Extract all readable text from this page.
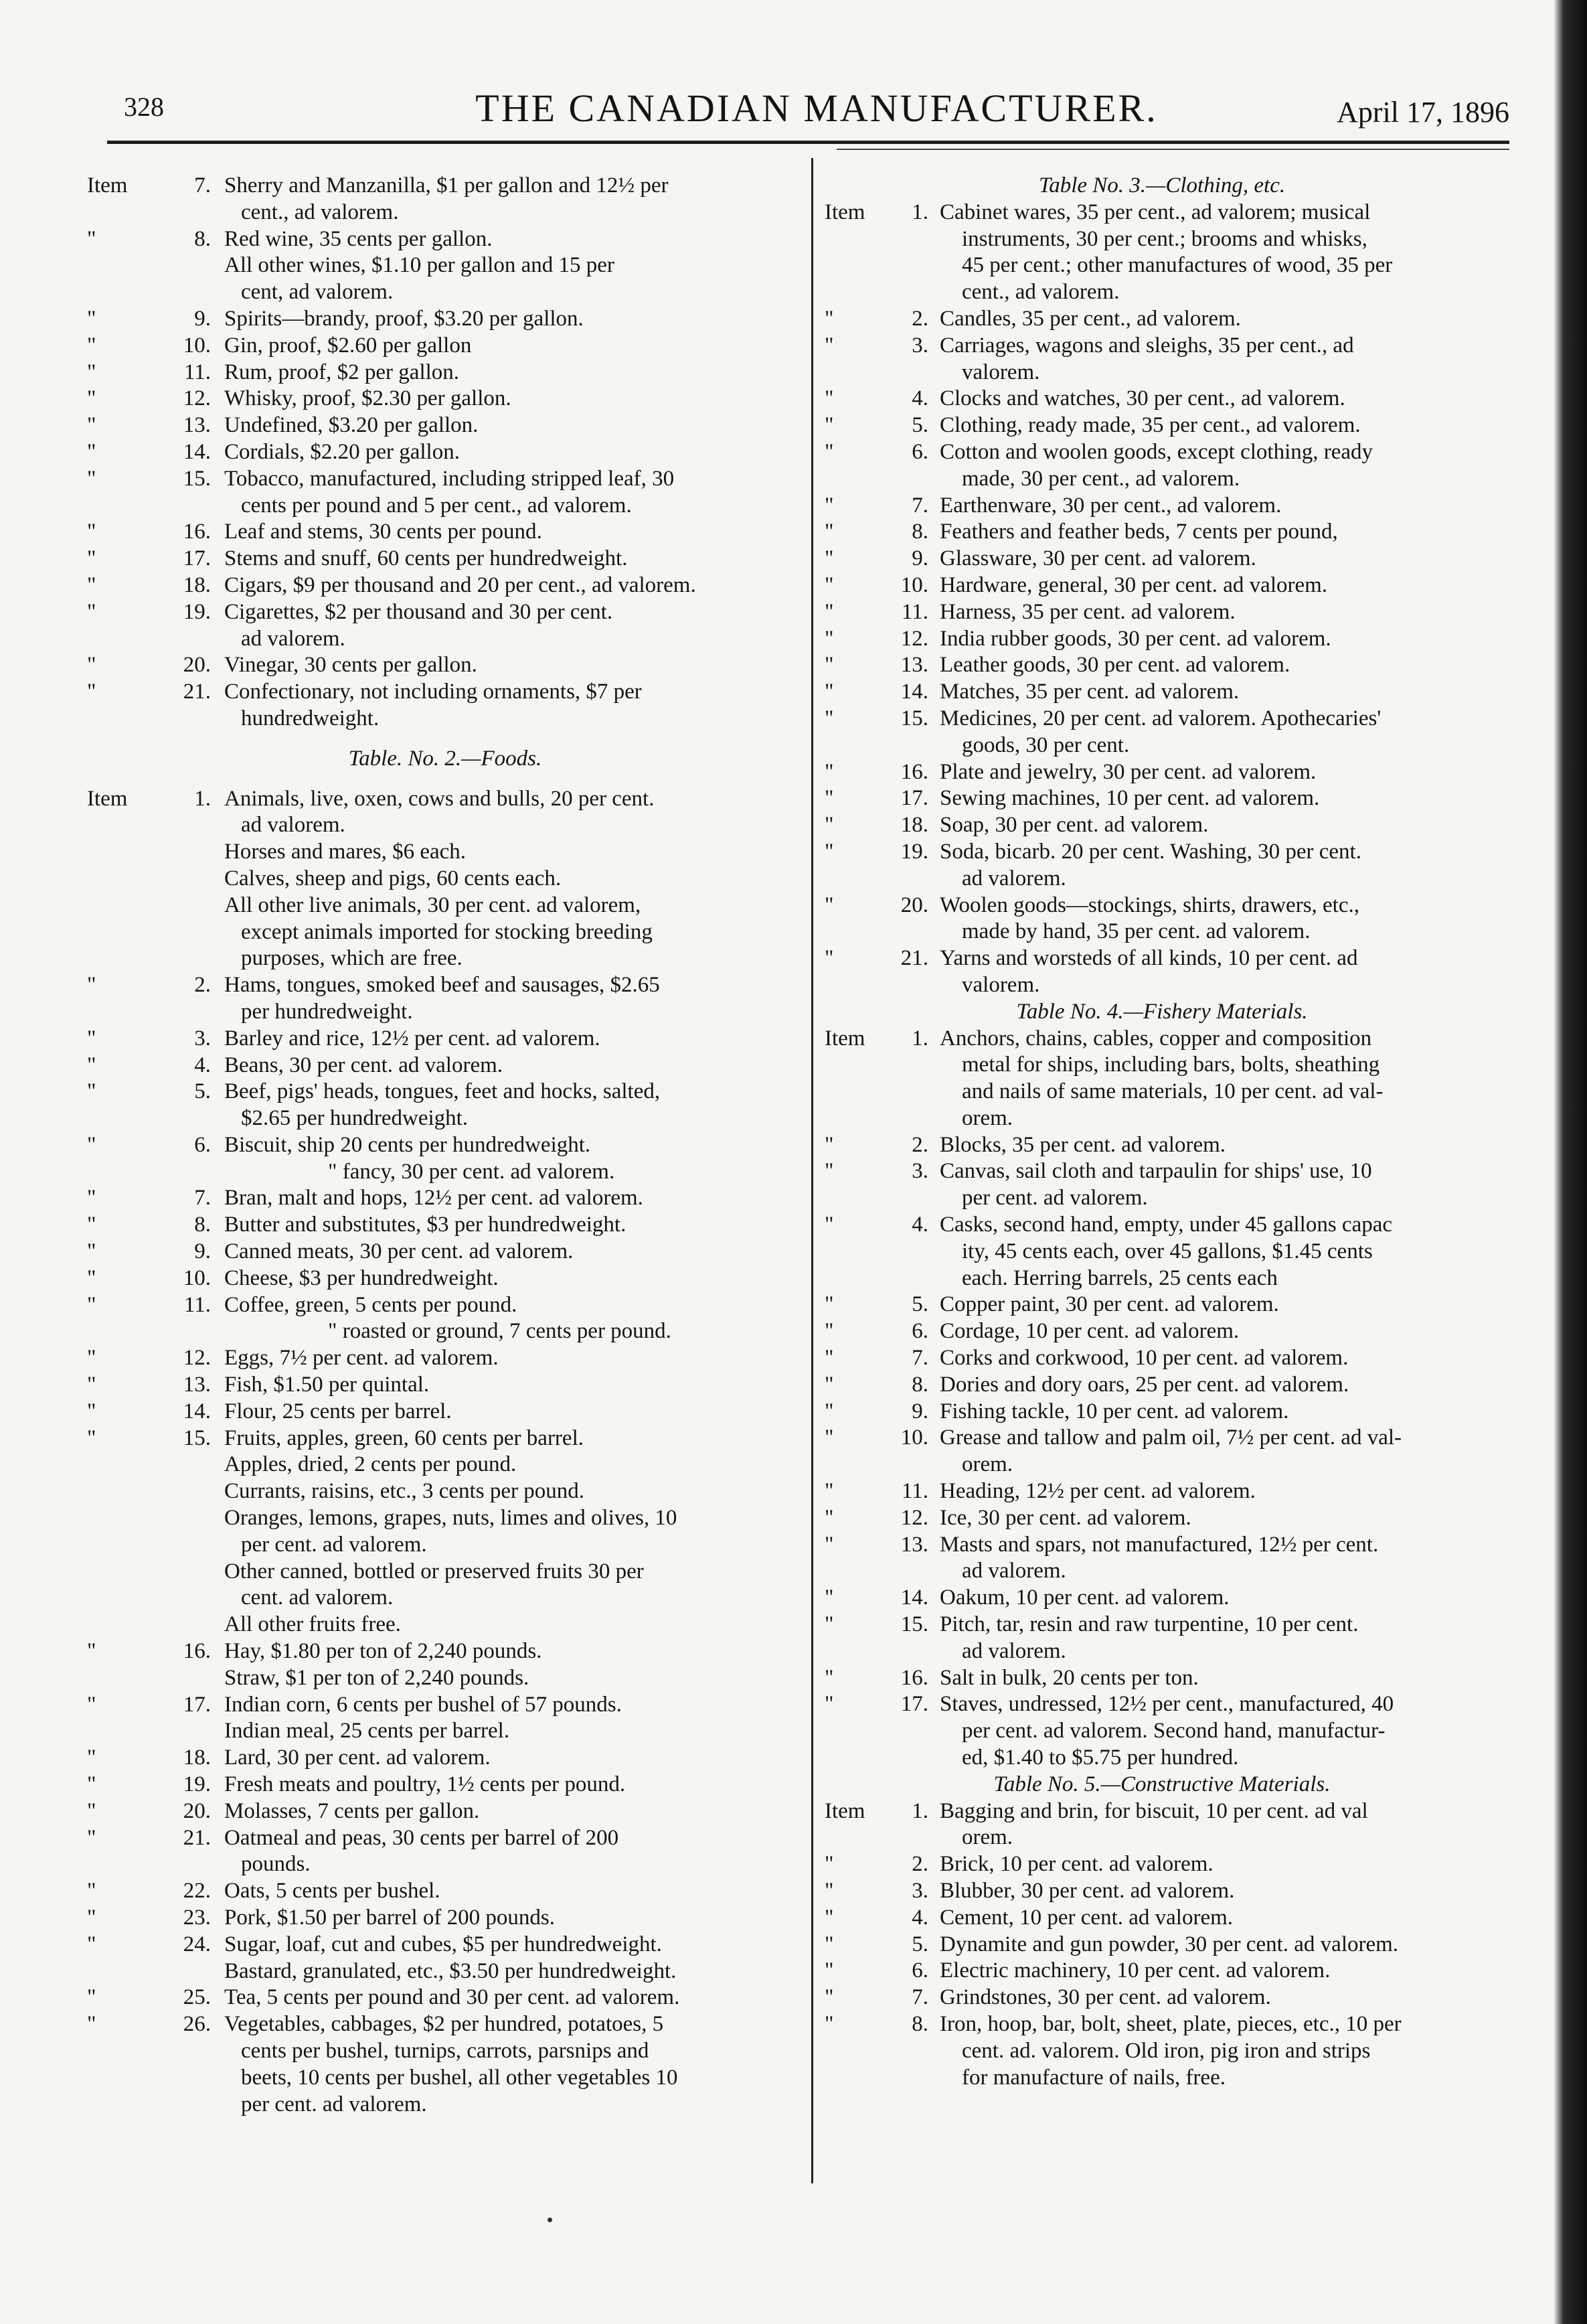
328	THE CANADIAN MANUFACTURER.	April 17, 1896
Item	7. Sherry and Manzanilla, $1 per gallon and 12½ per
cent., ad valorem.
"	8. Red wine, 35 cents per gallon.
All other wines, $1.10 per gallon and 15 per
cent, ad valorem.
"	9. Spirits—brandy, proof, $3.20 per gallon.
"	10. Gin, proof, $2.60 per gallon
"	11. Rum, proof, $2 per gallon.
"	12. Whisky, proof, $2.30 per gallon.
"	13. Undefined, $3.20 per gallon.
"	14. Cordials, $2.20 per gallon.
"	15. Tobacco, manufactured, including stripped leaf, 30
cents per pound and 5 per cent., ad valorem.
"	16. Leaf and stems, 30 cents per pound.
"	17. Stems and snuff, 60 cents per hundredweight.
"	18. Cigars, $9 per thousand and 20 per cent., ad valorem.
"	19. Cigarettes, $2 per thousand and 30 per cent.
ad valorem.
"	20. Vinegar, 30 cents per gallon.
"	21. Confectionary, not including ornaments, $7 per
hundredweight.
Table. No. 2.—Foods.
Item	1. Animals, live, oxen, cows and bulls, 20 per cent.
ad valorem.
Horses and mares, $6 each.
Calves, sheep and pigs, 60 cents each.
All other live animals, 30 per cent. ad valorem,
except animals imported for stocking breeding
purposes, which are free.
"	2. Hams, tongues, smoked beef and sausages, $2.65
per hundredweight.
"	3. Barley and rice, 12½ per cent. ad valorem.
"	4. Beans, 30 per cent. ad valorem.
"	5. Beef, pigs' heads, tongues, feet and hocks, salted,
$2.65 per hundredweight.
"	6. Biscuit, ship 20 cents per hundredweight.
" fancy, 30 per cent. ad valorem.
"	7. Bran, malt and hops, 12½ per cent. ad valorem.
"	8. Butter and substitutes, $3 per hundredweight.
"	9. Canned meats, 30 per cent. ad valorem.
"	10. Cheese, $3 per hundredweight.
"	11. Coffee, green, 5 cents per pound.
" roasted or ground, 7 cents per pound.
"	12. Eggs, 7½ per cent. ad valorem.
"	13. Fish, $1.50 per quintal.
"	14. Flour, 25 cents per barrel.
"	15. Fruits, apples, green, 60 cents per barrel.
Apples, dried, 2 cents per pound.
Currants, raisins, etc., 3 cents per pound.
Oranges, lemons, grapes, nuts, limes and olives, 10
per cent. ad valorem.
Other canned, bottled or preserved fruits 30 per
cent. ad valorem.
All other fruits free.
"	16. Hay, $1.80 per ton of 2,240 pounds.
Straw, $1 per ton of 2,240 pounds.
"	17. Indian corn, 6 cents per bushel of 57 pounds.
Indian meal, 25 cents per barrel.
"	18. Lard, 30 per cent. ad valorem.
"	19. Fresh meats and poultry, 1½ cents per pound.
"	20. Molasses, 7 cents per gallon.
"	21. Oatmeal and peas, 30 cents per barrel of 200
pounds.
"	22. Oats, 5 cents per bushel.
"	23. Pork, $1.50 per barrel of 200 pounds.
"	24. Sugar, loaf, cut and cubes, $5 per hundredweight.
Bastard, granulated, etc., $3.50 per hundredweight.
"	25. Tea, 5 cents per pound and 30 per cent. ad valorem.
"	26. Vegetables, cabbages, $2 per hundred, potatoes, 5
cents per bushel, turnips, carrots, parsnips and
beets, 10 cents per bushel, all other vegetables 10
per cent. ad valorem.
Table No. 3.—Clothing, etc.
Item	1. Cabinet wares, 35 per cent., ad valorem; musical
instruments, 30 per cent.; brooms and whisks,
45 per cent.; other manufactures of wood, 35 per
cent., ad valorem.
"	2. Candles, 35 per cent., ad valorem.
"	3. Carriages, wagons and sleighs, 35 per cent., ad
valorem.
"	4. Clocks and watches, 30 per cent., ad valorem.
"	5. Clothing, ready made, 35 per cent., ad valorem.
"	6. Cotton and woolen goods, except clothing, ready
made, 30 per cent., ad valorem.
"	7. Earthenware, 30 per cent., ad valorem.
"	8. Feathers and feather beds, 7 cents per pound,
"	9. Glassware, 30 per cent. ad valorem.
"	10. Hardware, general, 30 per cent. ad valorem.
"	11. Harness, 35 per cent. ad valorem.
"	12. India rubber goods, 30 per cent. ad valorem.
"	13. Leather goods, 30 per cent. ad valorem.
"	14. Matches, 35 per cent. ad valorem.
"	15. Medicines, 20 per cent. ad valorem. Apothecaries'
goods, 30 per cent.
"	16. Plate and jewelry, 30 per cent. ad valorem.
"	17. Sewing machines, 10 per cent. ad valorem.
"	18. Soap, 30 per cent. ad valorem.
"	19. Soda, bicarb. 20 per cent. Washing, 30 per cent.
ad valorem.
"	20. Woolen goods—stockings, shirts, drawers, etc.,
made by hand, 35 per cent. ad valorem.
"	21. Yarns and worsteds of all kinds, 10 per cent. ad
valorem.
Table No. 4.—Fishery Materials.
Item	1. Anchors, chains, cables, copper and composition
metal for ships, including bars, bolts, sheathing
and nails of same materials, 10 per cent. ad val-
orem.
"	2. Blocks, 35 per cent. ad valorem.
"	3. Canvas, sail cloth and tarpaulin for ships' use, 10
per cent. ad valorem.
"	4. Casks, second hand, empty, under 45 gallons capac
ity, 45 cents each, over 45 gallons, $1.45 cents
each. Herring barrels, 25 cents each
"	5. Copper paint, 30 per cent. ad valorem.
"	6. Cordage, 10 per cent. ad valorem.
"	7. Corks and corkwood, 10 per cent. ad valorem.
"	8. Dories and dory oars, 25 per cent. ad valorem.
"	9. Fishing tackle, 10 per cent. ad valorem.
"	10. Grease and tallow and palm oil, 7½ per cent. ad val-
orem.
"	11. Heading, 12½ per cent. ad valorem.
"	12. Ice, 30 per cent. ad valorem.
"	13. Masts and spars, not manufactured, 12½ per cent.
ad valorem.
"	14. Oakum, 10 per cent. ad valorem.
"	15. Pitch, tar, resin and raw turpentine, 10 per cent.
ad valorem.
"	16. Salt in bulk, 20 cents per ton.
"	17. Staves, undressed, 12½ per cent., manufactured, 40
per cent. ad valorem. Second hand, manufactur-
ed, $1.40 to $5.75 per hundred.
Table No. 5.—Constructive Materials.
Item	1. Bagging and brin, for biscuit, 10 per cent. ad val
orem.
"	2. Brick, 10 per cent. ad valorem.
"	3. Blubber, 30 per cent. ad valorem.
"	4. Cement, 10 per cent. ad valorem.
"	5. Dynamite and gun powder, 30 per cent. ad valorem.
"	6. Electric machinery, 10 per cent. ad valorem.
"	7. Grindstones, 30 per cent. ad valorem.
"	8. Iron, hoop, bar, bolt, sheet, plate, pieces, etc., 10 per
cent. ad. valorem. Old iron, pig iron and strips
for manufacture of nails, free.
